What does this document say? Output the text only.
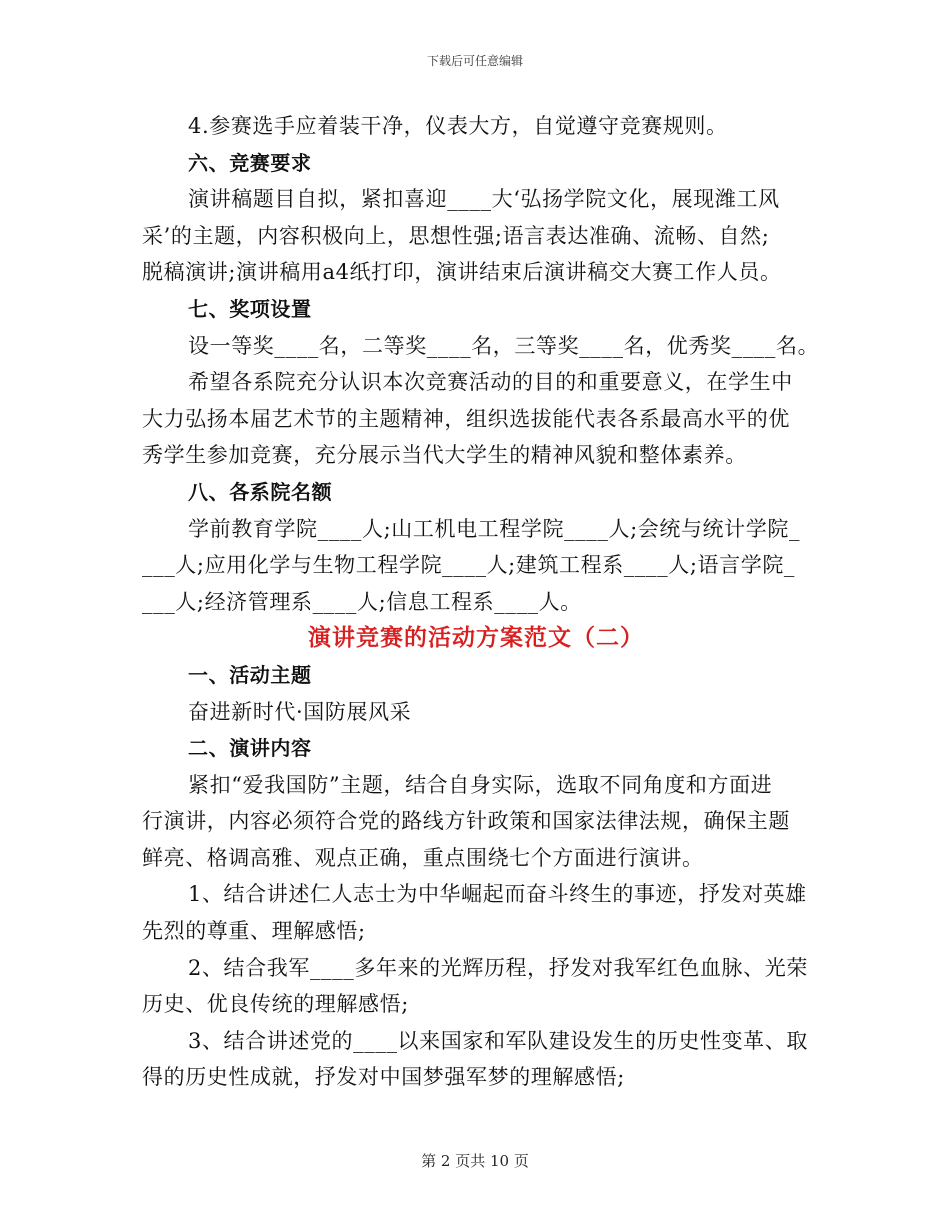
下载后可任意编辑
4.参赛选手应着装干净，仪表大方，自觉遵守竞赛规则。
六、竞赛要求
演讲稿题目自拟，紧扣喜迎____大‘弘扬学院文化，展现潍工风
采’的主题，内容积极向上，思想性强;语言表达准确、流畅、自然;
脱稿演讲;演讲稿用a4纸打印，演讲结束后演讲稿交大赛工作人员。
七、奖项设置
设一等奖____名，二等奖____名，三等奖____名，优秀奖____名。
希望各系院充分认识本次竞赛活动的目的和重要意义，在学生中
大力弘扬本届艺术节的主题精神，组织选拔能代表各系最高水平的优
秀学生参加竞赛，充分展示当代大学生的精神风貌和整体素养。
八、各系院名额
学前教育学院____人;山工机电工程学院____人;会统与统计学院_
___人;应用化学与生物工程学院____人;建筑工程系____人;语言学院_
___人;经济管理系____人;信息工程系____人。
演讲竞赛的活动方案范文（二）
一、活动主题
奋进新时代·国防展风采
二、演讲内容
紧扣“爱我国防”主题，结合自身实际，选取不同角度和方面进
行演讲，内容必须符合党的路线方针政策和国家法律法规，确保主题
鲜亮、格调高雅、观点正确，重点围绕七个方面进行演讲。
1、结合讲述仁人志士为中华崛起而奋斗终生的事迹，抒发对英雄
先烈的尊重、理解感悟;
2、结合我军____多年来的光辉历程，抒发对我军红色血脉、光荣
历史、优良传统的理解感悟;
3、结合讲述党的____以来国家和军队建设发生的历史性变革、取
得的历史性成就，抒发对中国梦强军梦的理解感悟;
第 2 页共 10 页
